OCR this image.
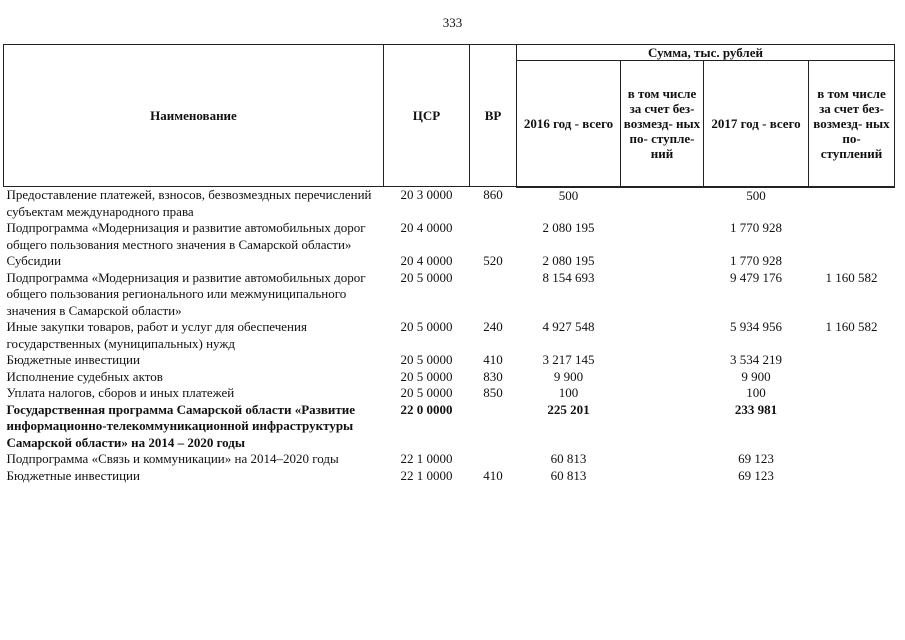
333
Наименование	ЦСР	ВР	Сумма, тыс. рублей			
			2016 год - всего	в том числе за счет без- возмезд- ных по- ступле- ний	2017 год - всего	в том числе за счет без- возмезд- ных по- ступлений
Предоставление платежей, взносов, безвозмездных перечислений субъектам международного права	20 3 0000	860	500		500	
Подпрограмма «Модернизация и развитие автомобильных дорог общего пользования местного значения в Самарской области»	20 4 0000		2 080 195		1 770 928	
Субсидии	20 4 0000	520	2 080 195		1 770 928	
Подпрограмма «Модернизация и развитие автомобильных дорог общего пользования регионального или межмуниципального значения в Самарской области»	20 5 0000		8 154 693		9 479 176	1 160 582
Иные закупки товаров, работ и услуг для обеспечения государственных (муниципальных) нужд	20 5 0000	240	4 927 548		5 934 956	1 160 582
Бюджетные инвестиции	20 5 0000	410	3 217 145		3 534 219	
Исполнение судебных актов	20 5 0000	830	9 900		9 900	
Уплата налогов, сборов и иных платежей	20 5 0000	850	100		100	
Государственная программа Самарской области «Развитие информационно-телекоммуникационной инфраструктуры Самарской области» на 2014 – 2020 годы	22 0 0000		225 201		233 981	
Подпрограмма «Связь и коммуникации» на 2014–2020 годы	22 1 0000		60 813		69 123	
Бюджетные инвестиции	22 1 0000	410	60 813		69 123	
